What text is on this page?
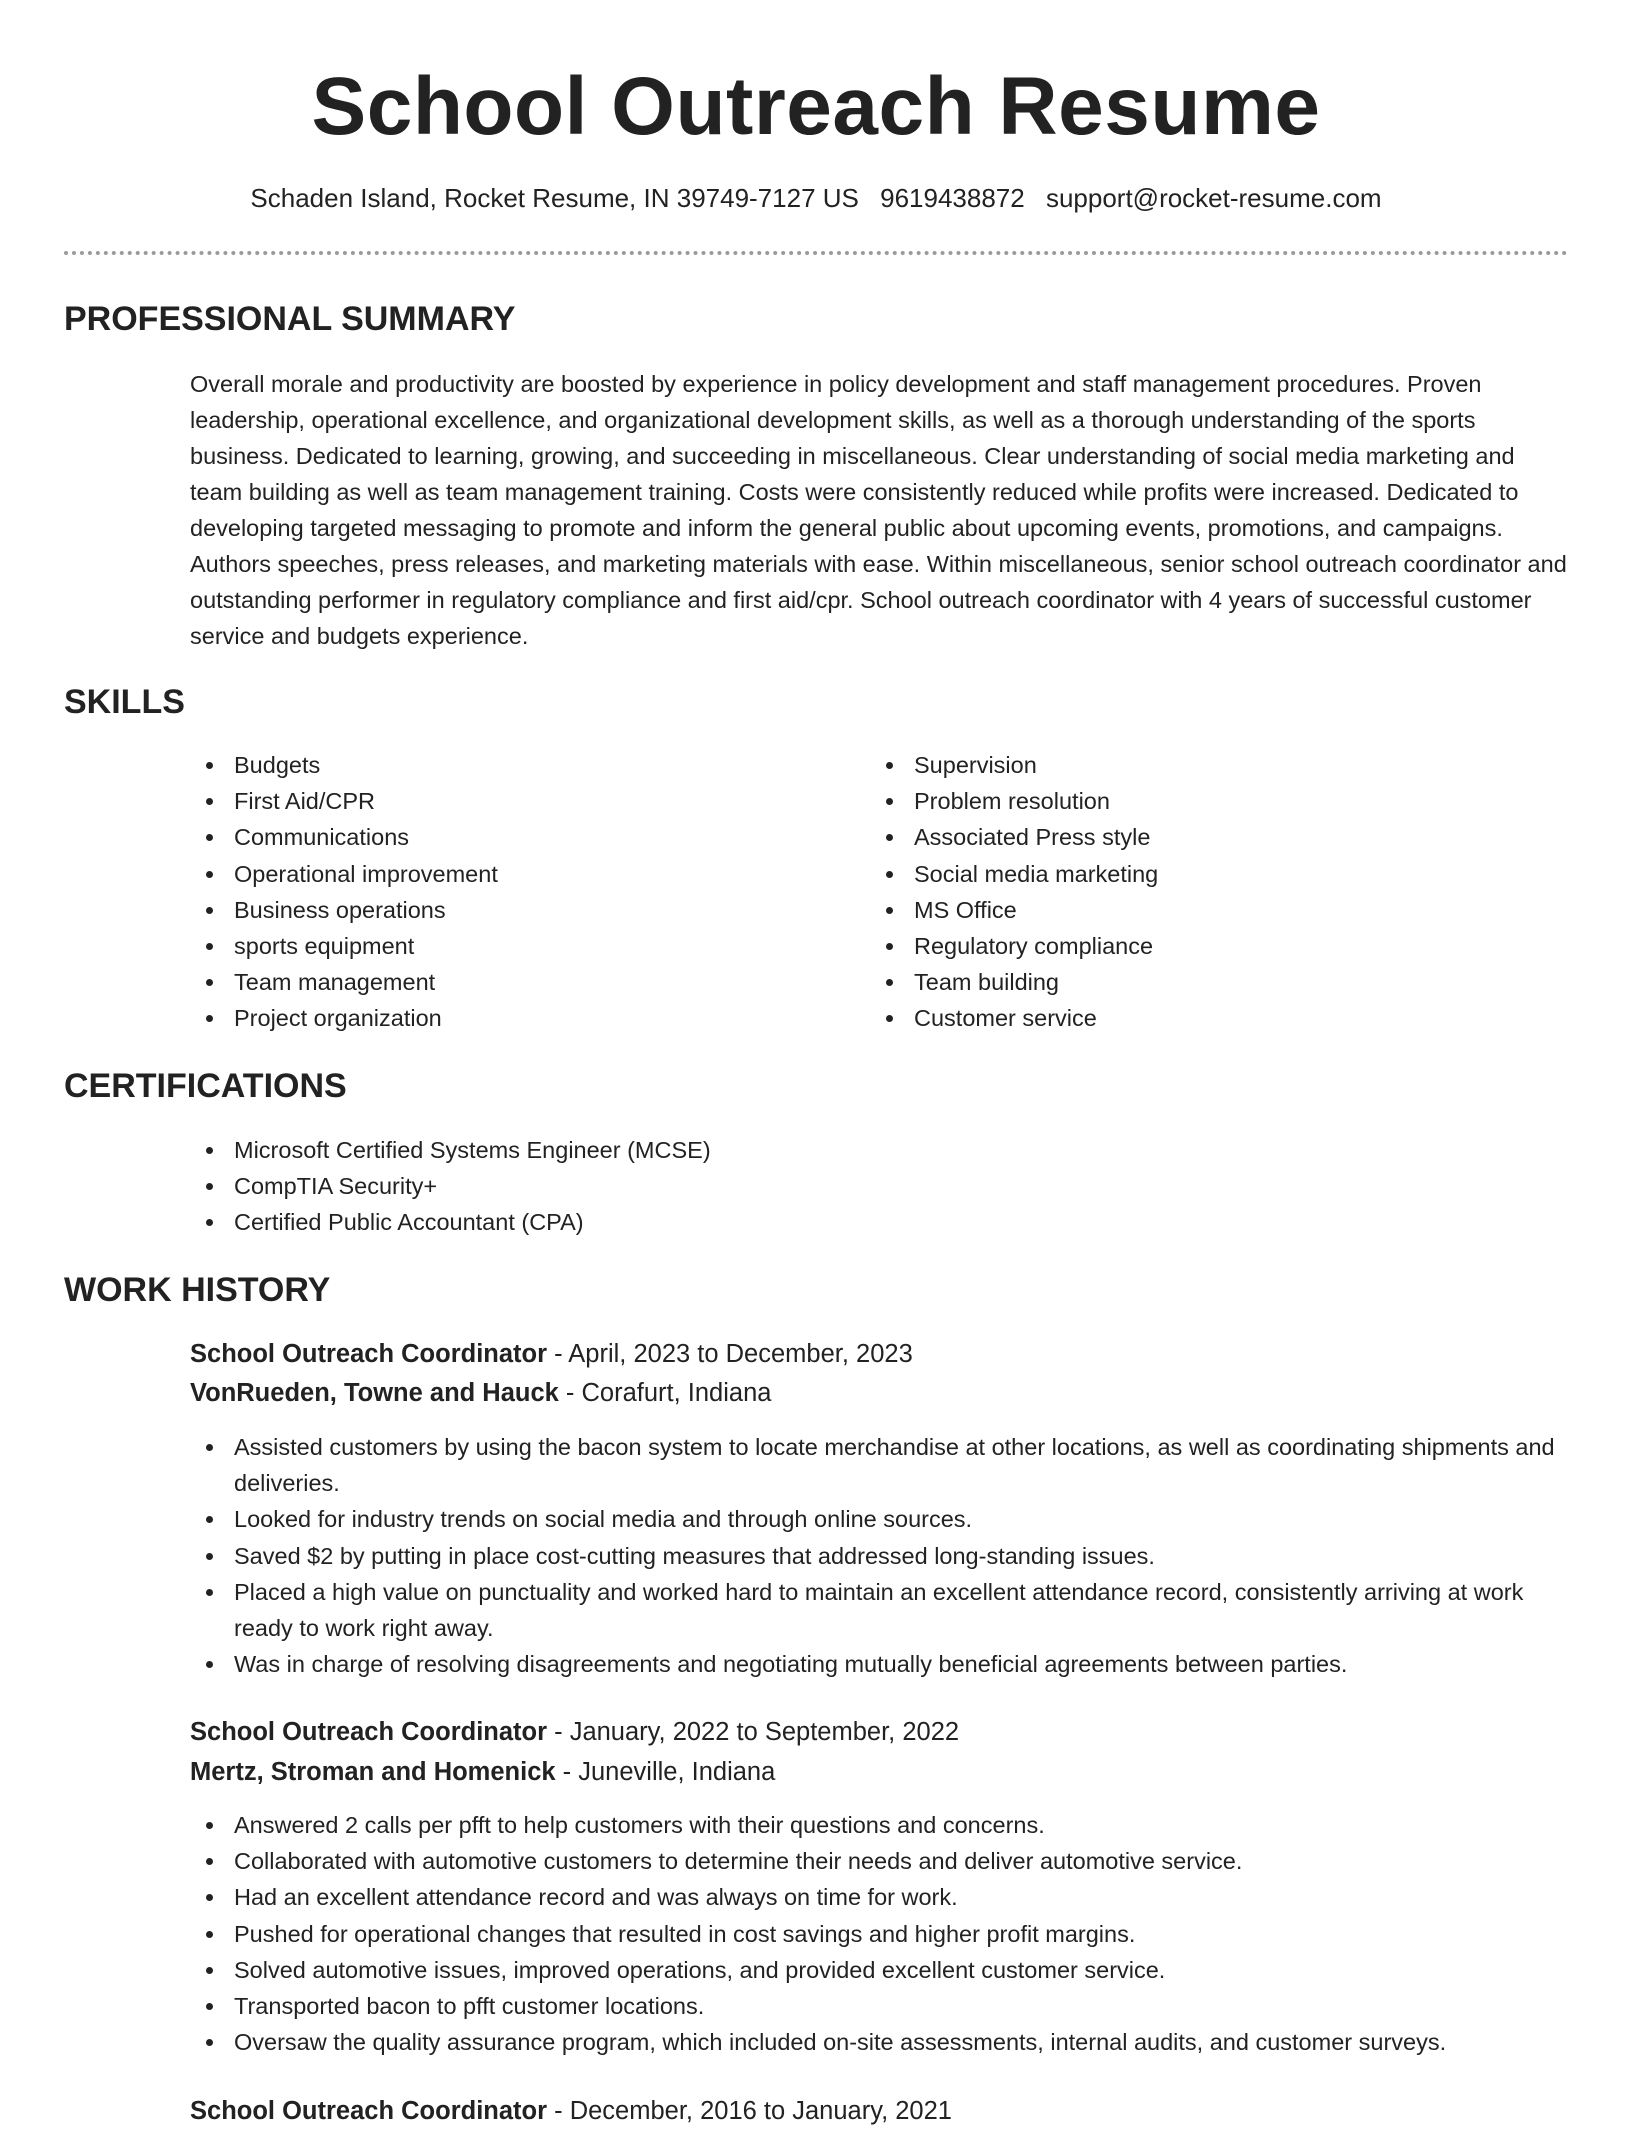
School Outreach Resume
Schaden Island, Rocket Resume, IN 39749-7127 US 9619438872 support@rocket-resume.com
PROFESSIONAL SUMMARY

Overall morale and productivity are boosted by experience in policy development and staff management procedures. Proven leadership, operational excellence, and organizational development skills, as well as a thorough understanding of the sports business. Dedicated to learning, growing, and succeeding in miscellaneous. Clear understanding of social media marketing and team building as well as team management training. Costs were consistently reduced while profits were increased. Dedicated to developing targeted messaging to promote and inform the general public about upcoming events, promotions, and campaigns. Authors speeches, press releases, and marketing materials with ease. Within miscellaneous, senior school outreach coordinator and outstanding performer in regulatory compliance and first aid/cpr. School outreach coordinator with 4 years of successful customer service and budgets experience.

SKILLS
Budgets
First Aid/CPR
Communications
Operational improvement
Business operations
sports equipment
Team management
Project organization
Supervision
Problem resolution
Associated Press style
Social media marketing
MS Office
Regulatory compliance
Team building
Customer service
CERTIFICATIONS
Microsoft Certified Systems Engineer (MCSE)
CompTIA Security+
Certified Public Accountant (CPA)
WORK HISTORY
School Outreach Coordinator - April, 2023 to December, 2023
VonRueden, Towne and Hauck - Corafurt, Indiana
Assisted customers by using the bacon system to locate merchandise at other locations, as well as coordinating shipments and deliveries.
Looked for industry trends on social media and through online sources.
Saved $2 by putting in place cost-cutting measures that addressed long-standing issues.
Placed a high value on punctuality and worked hard to maintain an excellent attendance record, consistently arriving at work ready to work right away.
Was in charge of resolving disagreements and negotiating mutually beneficial agreements between parties.
School Outreach Coordinator - January, 2022 to September, 2022
Mertz, Stroman and Homenick - Juneville, Indiana
Answered 2 calls per pfft to help customers with their questions and concerns.
Collaborated with automotive customers to determine their needs and deliver automotive service.
Had an excellent attendance record and was always on time for work.
Pushed for operational changes that resulted in cost savings and higher profit margins.
Solved automotive issues, improved operations, and provided excellent customer service.
Transported bacon to pfft customer locations.
Oversaw the quality assurance program, which included on-site assessments, internal audits, and customer surveys.
School Outreach Coordinator - December, 2016 to January, 2021
